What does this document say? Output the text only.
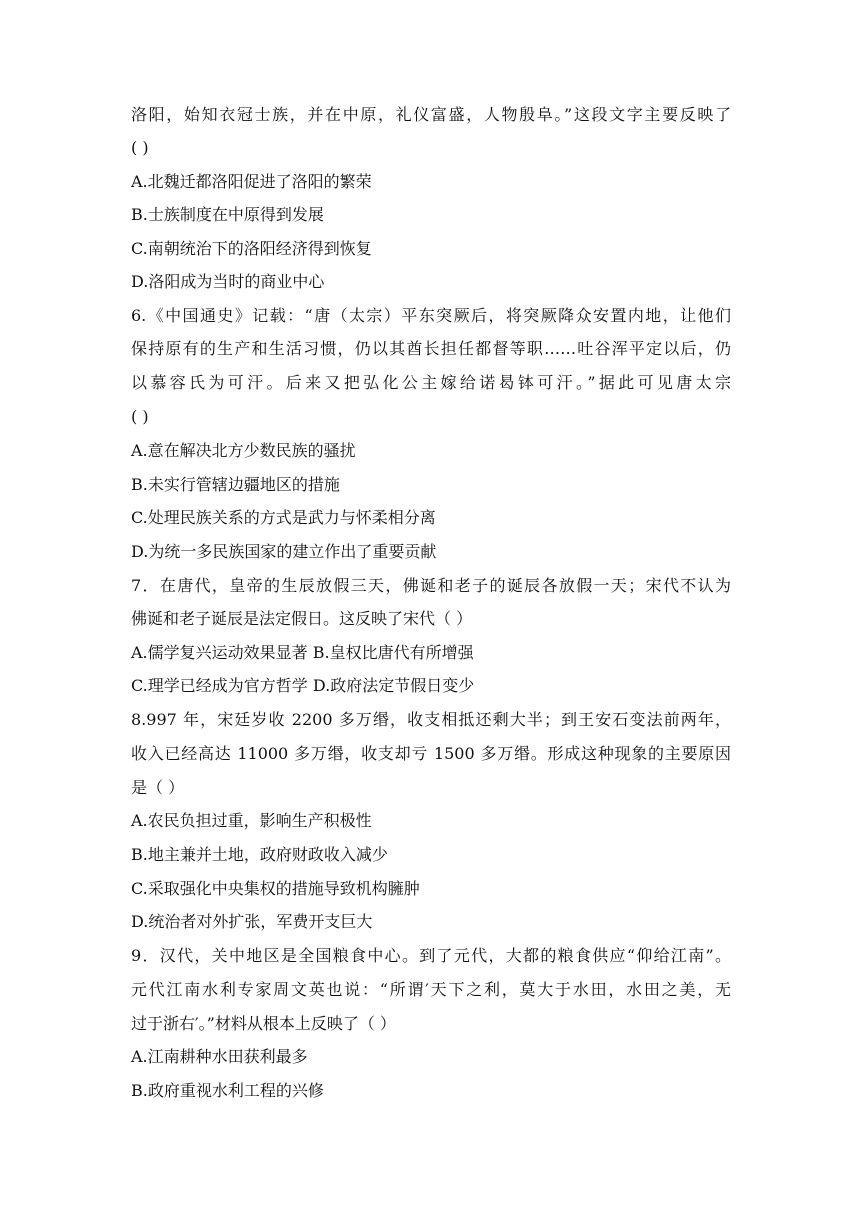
洛阳，始知衣冠士族，并在中原，礼仪富盛，人物殷阜。”这段文字主要反映了
( )
A.北魏迁都洛阳促进了洛阳的繁荣
B.士族制度在中原得到发展
C.南朝统治下的洛阳经济得到恢复
D.洛阳成为当时的商业中心
6.《中国通史》记载：“唐（太宗）平东突厥后，将突厥降众安置内地，让他们
保持原有的生产和生活习惯，仍以其酋长担任都督等职……吐谷浑平定以后，仍
以慕容氏为可汗。后来又把弘化公主嫁给诺曷钵可汗。”据此可见唐太宗
( )
A.意在解决北方少数民族的骚扰
B.未实行管辖边疆地区的措施
C.处理民族关系的方式是武力与怀柔相分离
D.为统一多民族国家的建立作出了重要贡献
7．在唐代，皇帝的生辰放假三天，佛诞和老子的诞辰各放假一天；宋代不认为
佛诞和老子诞辰是法定假日。这反映了宋代（ ）
A.儒学复兴运动效果显著 B.皇权比唐代有所增强
C.理学已经成为官方哲学 D.政府法定节假日变少
8.997 年，宋廷岁收 2200 多万缗，收支相抵还剩大半；到王安石变法前两年，
收入已经高达 11000 多万缗，收支却亏 1500 多万缗。形成这种现象的主要原因
是（ ）
A.农民负担过重，影响生产积极性
B.地主兼并土地，政府财政收入减少
C.采取强化中央集权的措施导致机构臃肿
D.统治者对外扩张，军费开支巨大
9．汉代，关中地区是全国粮食中心。到了元代，大都的粮食供应“仰给江南”。
元代江南水利专家周文英也说：“所谓′天下之利，莫大于水田，水田之美，无
过于浙右′。”材料从根本上反映了（ ）
A.江南耕种水田获利最多
B.政府重视水利工程的兴修
